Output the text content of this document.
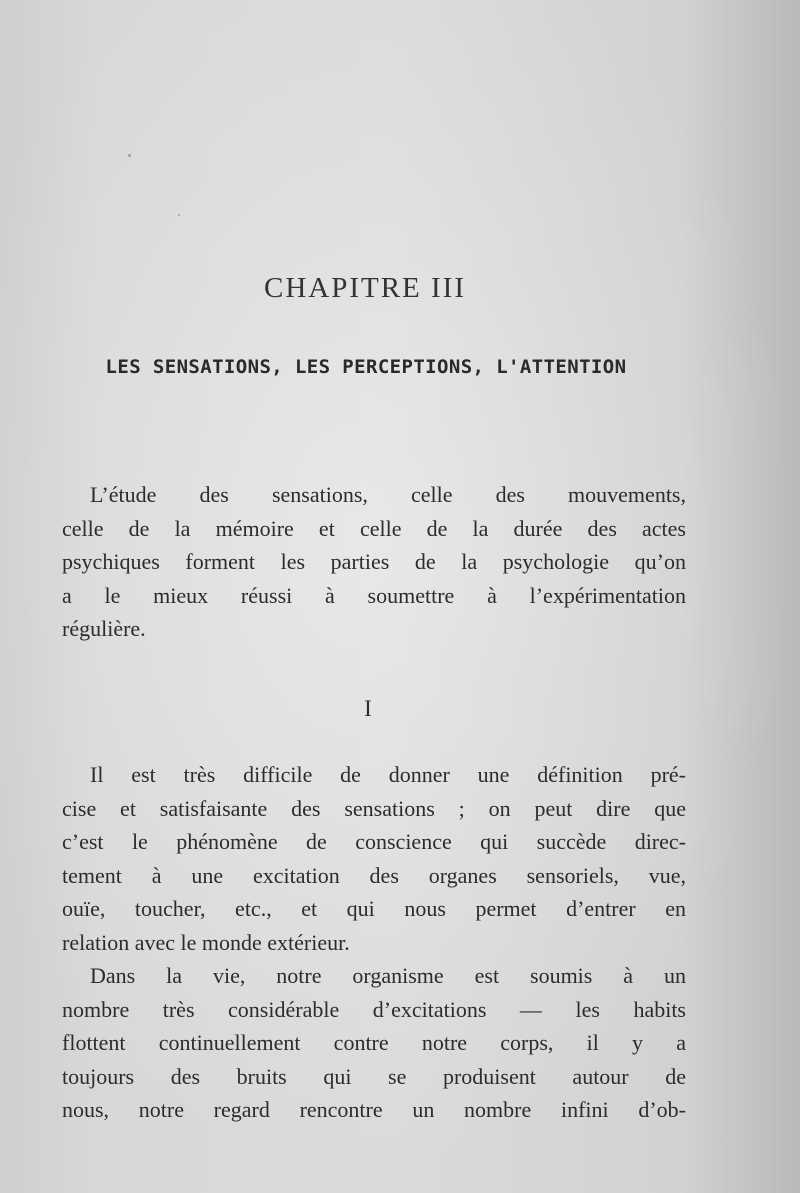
CHAPITRE III
LES SENSATIONS, LES PERCEPTIONS, L'ATTENTION
L’étude des sensations, celle des mouvements,
celle de la mémoire et celle de la durée des actes
psychiques forment les parties de la psychologie qu’on
a le mieux réussi à soumettre à l’expérimentation
régulière.
I
Il est très difficile de donner une définition pré-
cise et satisfaisante des sensations ; on peut dire que
c’est le phénomène de conscience qui succède direc-
tement à une excitation des organes sensoriels, vue,
ouïe, toucher, etc., et qui nous permet d’entrer en
relation avec le monde extérieur.
Dans la vie, notre organisme est soumis à un
nombre très considérable d’excitations — les habits
flottent continuellement contre notre corps, il y a
toujours des bruits qui se produisent autour de
nous, notre regard rencontre un nombre infini d’ob-
